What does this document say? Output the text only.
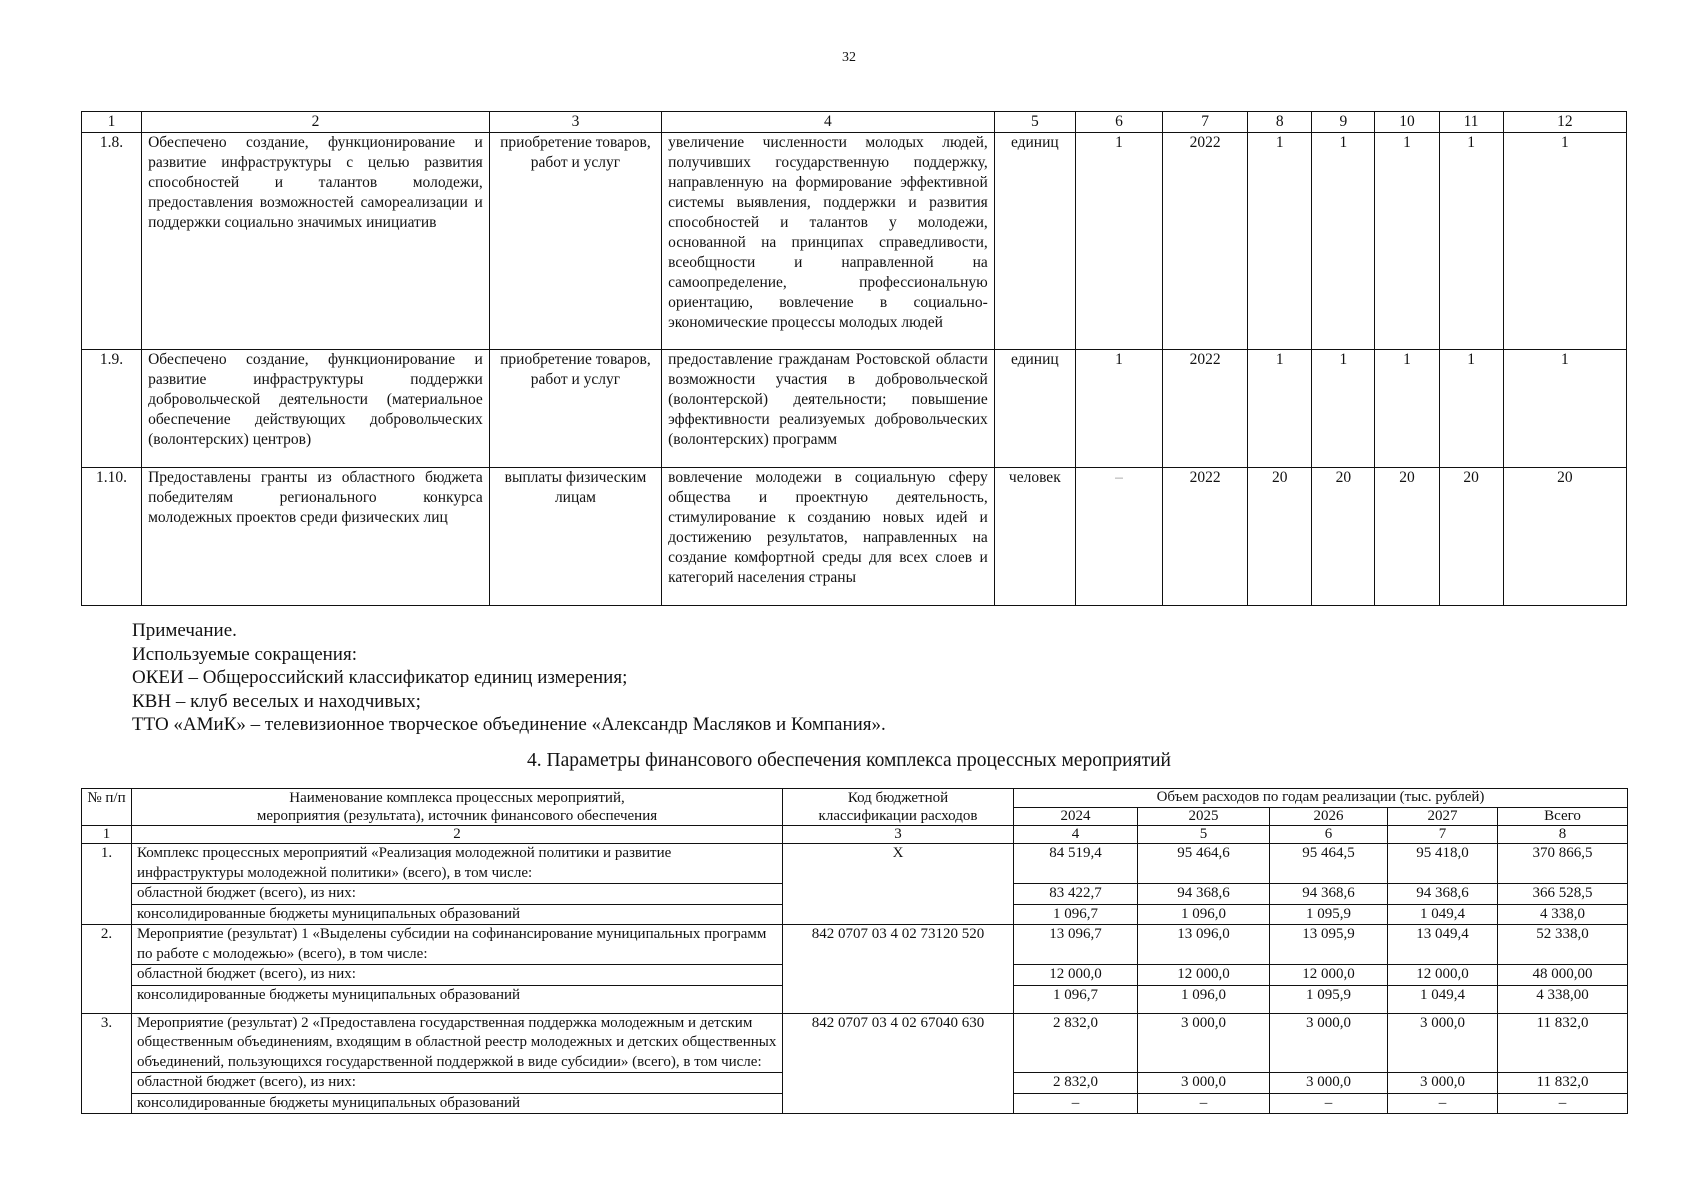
32
1	2	3	4	5	6	7	8	9	10	11	12
1.8.	Обеспечено создание, функционирование и развитие инфраструктуры с целью развития способностей и талантов молодежи, предоставления возможностей самореализации и поддержки социально значимых инициатив	приобретение товаров, работ и услуг	увеличение численности молодых людей, получивших государственную поддержку, направленную на формирование эффективной системы выявления, поддержки и развития способностей и талантов у молодежи, основанной на принципах справедливости, всеобщности и направленной на самоопределение, профессиональную ориентацию, вовлечение в социально-экономические процессы молодых людей	единиц	1	2022	1	1	1	1	1
1.9.	Обеспечено создание, функционирование и развитие инфраструктуры поддержки добровольческой деятельности (материальное обеспечение действующих добровольческих (волонтерских) центров)	приобретение товаров, работ и услуг	предоставление гражданам Ростовской области возможности участия в добровольческой (волонтерской) деятельности; повышение эффективности реализуемых добровольческих (волонтерских) программ	единиц	1	2022	1	1	1	1	1
1.10.	Предоставлены гранты из областного бюджета победителям регионального конкурса молодежных проектов среди физических лиц	выплаты физическим лицам	вовлечение молодежи в социальную сферу общества и проектную деятельность, стимулирование к созданию новых идей и достижению результатов, направленных на создание комфортной среды для всех слоев и категорий населения страны	человек	–	2022	20	20	20	20	20
Примечание.
Используемые сокращения:
ОКЕИ – Общероссийский классификатор единиц измерения;
КВН – клуб веселых и находчивых;
ТТО «АМиК» – телевизионное творческое объединение «Александр Масляков и Компания».
4. Параметры финансового обеспечения комплекса процессных мероприятий
№ п/п	Наименование комплекса процессных мероприятий, мероприятия (результата), источник финансового обеспечения	Код бюджетной классификации расходов	Объем расходов по годам реализации (тыс. рублей)				
			2024	2025	2026	2027	Всего
1	2	3	4	5	6	7	8
1.	Комплекс процессных мероприятий «Реализация молодежной политики и развитие инфраструктуры молодежной политики» (всего), в том числе:	X	84 519,4	95 464,6	95 464,5	95 418,0	370 866,5
	областной бюджет (всего), из них:		83 422,7	94 368,6	94 368,6	94 368,6	366 528,5
	консолидированные бюджеты муниципальных образований		1 096,7	1 096,0	1 095,9	1 049,4	4 338,0
2.	Мероприятие (результат) 1 «Выделены субсидии на софинансирование муниципальных программ по работе с молодежью» (всего), в том числе:	842 0707 03 4 02 73120 520	13 096,7	13 096,0	13 095,9	13 049,4	52 338,0
	областной бюджет (всего), из них:		12 000,0	12 000,0	12 000,0	12 000,0	48 000,00
	консолидированные бюджеты муниципальных образований		1 096,7	1 096,0	1 095,9	1 049,4	4 338,00
3.	Мероприятие (результат) 2 «Предоставлена государственная поддержка молодежным и детским общественным объединениям, входящим в областной реестр молодежных и детских общественных объединений, пользующихся государственной поддержкой в виде субсидии» (всего), в том числе:	842 0707 03 4 02 67040 630	2 832,0	3 000,0	3 000,0	3 000,0	11 832,0
	областной бюджет (всего), из них:		2 832,0	3 000,0	3 000,0	3 000,0	11 832,0
	консолидированные бюджеты муниципальных образований		–	–	–	–	–
